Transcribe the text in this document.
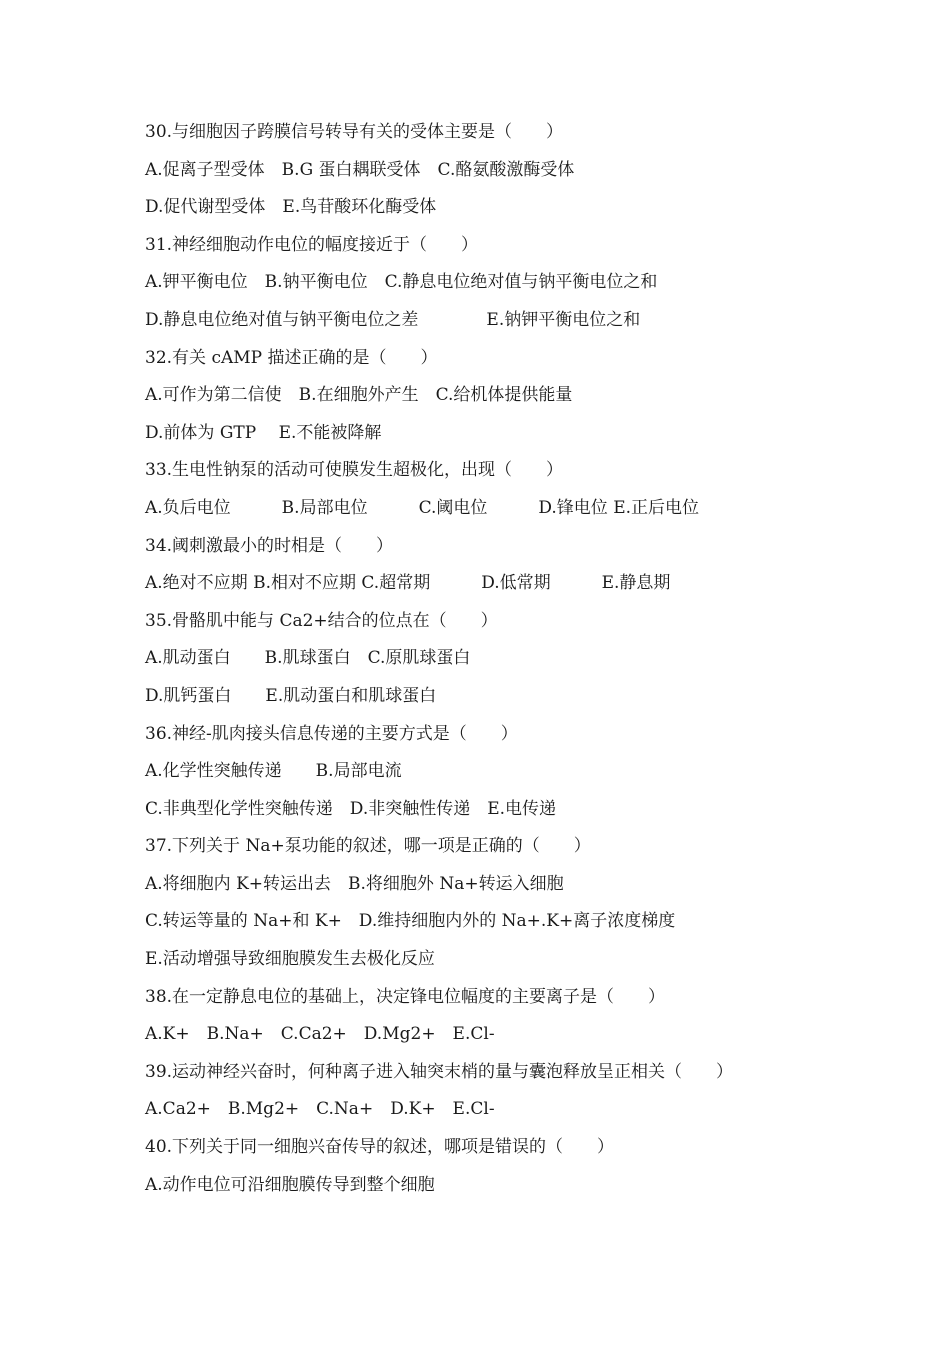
30.与细胞因子跨膜信号转导有关的受体主要是（　　）
A.促离子型受体　B.G 蛋白耦联受体　C.酪氨酸激酶受体
D.促代谢型受体　E.鸟苷酸环化酶受体
31.神经细胞动作电位的幅度接近于（　　）
A.钾平衡电位　B.钠平衡电位　C.静息电位绝对值与钠平衡电位之和
D.静息电位绝对值与钠平衡电位之差　　　　E.钠钾平衡电位之和
32.有关 cAMP 描述正确的是（　　）
A.可作为第二信使　B.在细胞外产生　C.给机体提供能量
D.前体为 GTP　 E.不能被降解
33.生电性钠泵的活动可使膜发生超极化，出现（　　）
A.负后电位　　　B.局部电位　　　C.阈电位　　　D.锋电位 E.正后电位
34.阈刺激最小的时相是（　　）
A.绝对不应期 B.相对不应期 C.超常期　　　D.低常期　　　E.静息期
35.骨骼肌中能与 Ca2+结合的位点在（　　）
A.肌动蛋白　　B.肌球蛋白　C.原肌球蛋白
D.肌钙蛋白　　E.肌动蛋白和肌球蛋白
36.神经-肌肉接头信息传递的主要方式是（　　）
A.化学性突触传递　　B.局部电流
C.非典型化学性突触传递　D.非突触性传递　E.电传递
37.下列关于 Na+泵功能的叙述，哪一项是正确的（　　）
A.将细胞内 K+转运出去　B.将细胞外 Na+转运入细胞
C.转运等量的 Na+和 K+　D.维持细胞内外的 Na+.K+离子浓度梯度
E.活动增强导致细胞膜发生去极化反应
38.在一定静息电位的基础上，决定锋电位幅度的主要离子是（　　）
A.K+　B.Na+　C.Ca2+　D.Mg2+　E.Cl-
39.运动神经兴奋时，何种离子进入轴突末梢的量与囊泡释放呈正相关（　　）
A.Ca2+　B.Mg2+　C.Na+　D.K+　E.Cl-
40.下列关于同一细胞兴奋传导的叙述，哪项是错误的（　　）
A.动作电位可沿细胞膜传导到整个细胞
